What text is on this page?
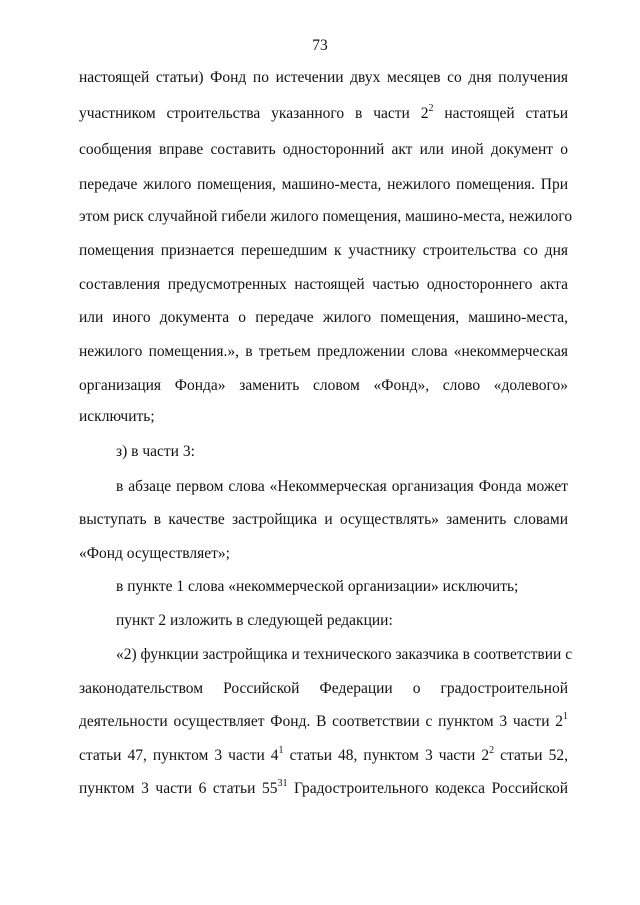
73
настоящей статьи) Фонд по истечении двух месяцев со дня получения
участником строительства указанного в части $2^2$ настоящей статьи
сообщения вправе составить односторонний акт или иной документ о
передаче жилого помещения, машино-места, нежилого помещения. При
этом риск случайной гибели жилого помещения, машино-места, нежилого
помещения признается перешедшим к участнику строительства со дня
составления предусмотренных настоящей частью одностороннего акта
или иного документа о передаче жилого помещения, машино-места,
нежилого помещения.», в третьем предложении слова «некоммерческая
организация Фонда» заменить словом «Фонд», слово «долевого»
исключить;
з) в части 3:
в абзаце первом слова «Некоммерческая организация Фонда может
выступать в качестве застройщика и осуществлять» заменить словами
«Фонд осуществляет»;
в пункте 1 слова «некоммерческой организации» исключить;
пункт 2 изложить в следующей редакции:
«2) функции застройщика и технического заказчика в соответствии с
законодательством Российской Федерации о градостроительной
деятельности осуществляет Фонд. В соответствии с пунктом 3 части $2^1$
статьи 47, пунктом 3 части $4^1$ статьи 48, пунктом 3 части $2^2$ статьи 52,
пунктом 3 части 6 статьи $55^{31}$ Градостроительного кодекса Российской
